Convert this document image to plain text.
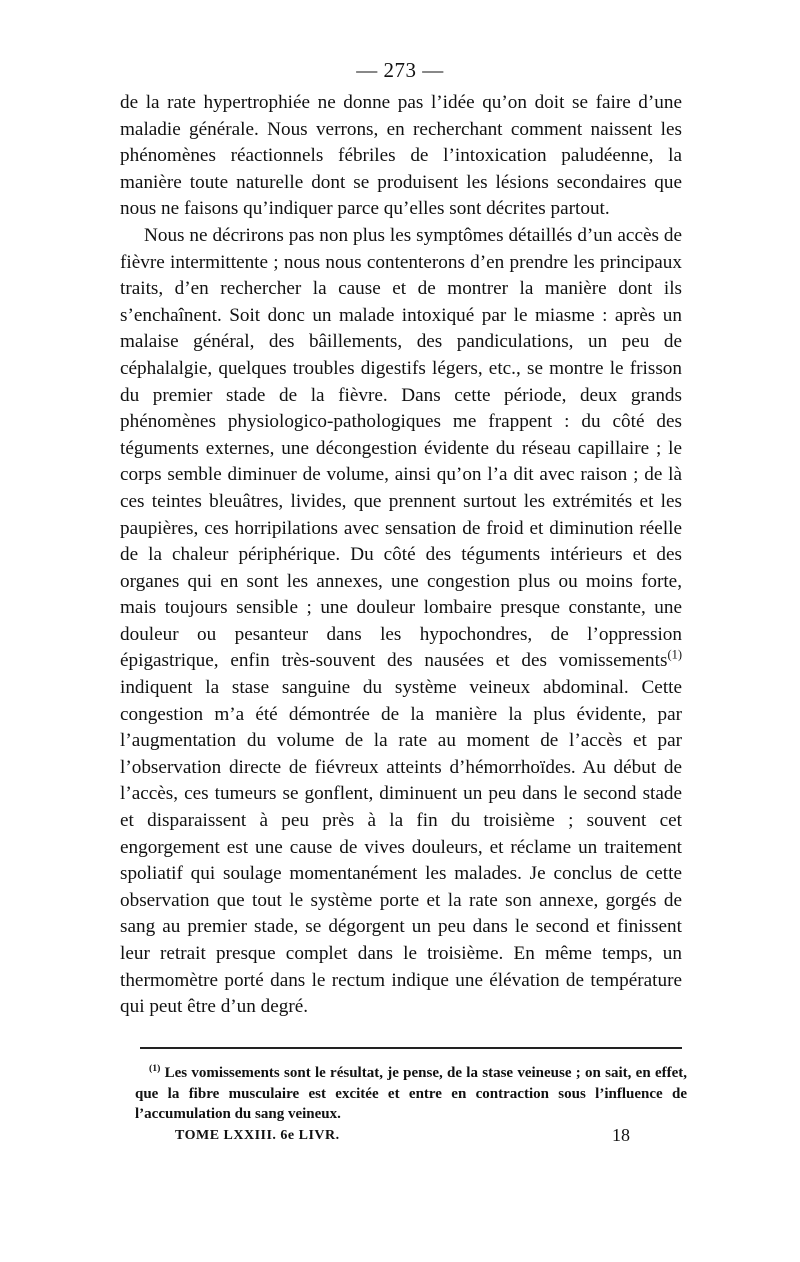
— 273 —

de la rate hypertrophiée ne donne pas l’idée qu’on doit se faire d’une maladie générale. Nous verrons, en recherchant comment naissent les phénomènes réactionnels fébriles de l’intoxication paludéenne, la manière toute naturelle dont se produisent les lésions secondaires que nous ne faisons qu’indiquer parce qu’elles sont décrites partout.

Nous ne décrirons pas non plus les symptômes détaillés d’un accès de fièvre intermittente ; nous nous contenterons d’en prendre les principaux traits, d’en rechercher la cause et de montrer la manière dont ils s’enchaînent. Soit donc un malade intoxiqué par le miasme : après un malaise général, des bâillements, des pandiculations, un peu de céphalalgie, quelques troubles digestifs légers, etc., se montre le frisson du premier stade de la fièvre. Dans cette période, deux grands phénomènes physiologico-pathologiques me frappent : du côté des téguments externes, une décongestion évidente du réseau capillaire ; le corps semble diminuer de volume, ainsi qu’on l’a dit avec raison ; de là ces teintes bleuâtres, livides, que prennent surtout les extrémités et les paupières, ces horripilations avec sensation de froid et diminution réelle de la chaleur périphérique. Du côté des téguments intérieurs et des organes qui en sont les annexes, une congestion plus ou moins forte, mais toujours sensible ; une douleur lombaire presque constante, une douleur ou pesanteur dans les hypochondres, de l’oppression épigastrique, enfin très-souvent des nausées et des vomissements$^{(1)}$ indiquent la stase sanguine du système veineux abdominal. Cette congestion m’a été démontrée de la manière la plus évidente, par l’augmentation du volume de la rate au moment de l’accès et par l’observation directe de fiévreux atteints d’hémorrhoïdes. Au début de l’accès, ces tumeurs se gonflent, diminuent un peu dans le second stade et disparaissent à peu près à la fin du troisième ; souvent cet engorgement est une cause de vives douleurs, et réclame un traitement spoliatif qui soulage momentanément les malades. Je conclus de cette observation que tout le système porte et la rate son annexe, gorgés de sang au premier stade, se dégorgent un peu dans le second et finissent leur retrait presque complet dans le troisième. En même temps, un thermomètre porté dans le rectum indique une élévation de température qui peut être d’un degré.

$^{(1)}$ Les vomissements sont le résultat, je pense, de la stase veineuse ; on sait, en effet, que la fibre musculaire est excitée et entre en contraction sous l’influence de l’accumulation du sang veineux.

TOME LXXIII. 6e LIVR.	18
